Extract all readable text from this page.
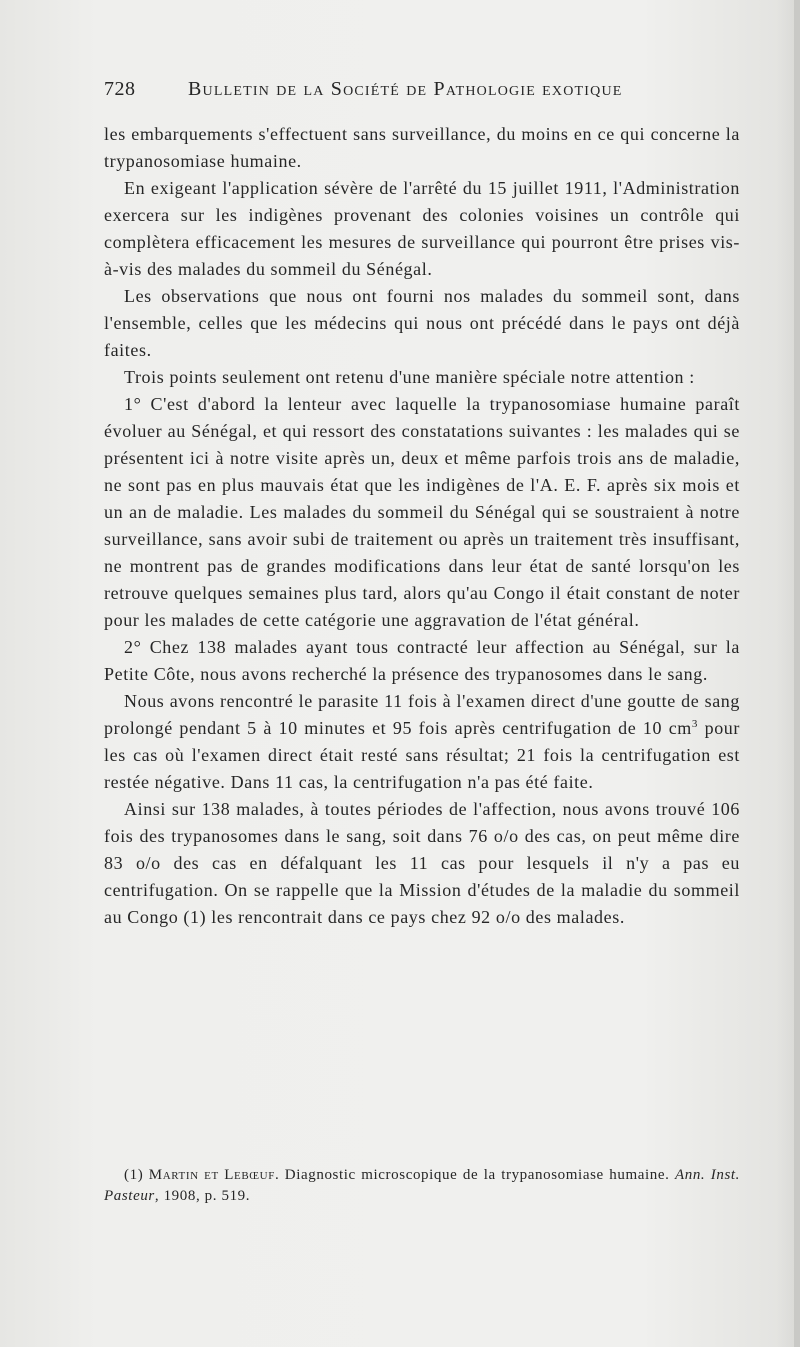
728	Bulletin de la Société de Pathologie exotique

les embarquements s'effectuent sans surveillance, du moins en ce qui concerne la trypanosomiase humaine.

En exigeant l'application sévère de l'arrêté du 15 juillet 1911, l'Administration exercera sur les indigènes provenant des colonies voisines un contrôle qui complètera efficacement les mesures de surveillance qui pourront être prises vis-à-vis des malades du sommeil du Sénégal.

Les observations que nous ont fourni nos malades du sommeil sont, dans l'ensemble, celles que les médecins qui nous ont précédé dans le pays ont déjà faites.

Trois points seulement ont retenu d'une manière spéciale notre attention :

1° C'est d'abord la lenteur avec laquelle la trypanosomiase humaine paraît évoluer au Sénégal, et qui ressort des constatations suivantes : les malades qui se présentent ici à notre visite après un, deux et même parfois trois ans de maladie, ne sont pas en plus mauvais état que les indigènes de l'A. E. F. après six mois et un an de maladie. Les malades du sommeil du Sénégal qui se soustraient à notre surveillance, sans avoir subi de traitement ou après un traitement très insuffisant, ne montrent pas de grandes modifications dans leur état de santé lorsqu'on les retrouve quelques semaines plus tard, alors qu'au Congo il était constant de noter pour les malades de cette catégorie une aggravation de l'état général.

2° Chez 138 malades ayant tous contracté leur affection au Sénégal, sur la Petite Côte, nous avons recherché la présence des trypanosomes dans le sang.

Nous avons rencontré le parasite 11 fois à l'examen direct d'une goutte de sang prolongé pendant 5 à 10 minutes et 95 fois après centrifugation de 10 $cm^3$ pour les cas où l'examen direct était resté sans résultat; 21 fois la centrifugation est restée négative. Dans 11 cas, la centrifugation n'a pas été faite.

Ainsi sur 138 malades, à toutes périodes de l'affection, nous avons trouvé 106 fois des trypanosomes dans le sang, soit dans 76 o/o des cas, on peut même dire 83 o/o des cas en défalquant les 11 cas pour lesquels il n'y a pas eu centrifugation. On se rappelle que la Mission d'études de la maladie du sommeil au Congo (1) les rencontrait dans ce pays chez 92 o/o des malades.

(1) Martin et Lebœuf. Diagnostic microscopique de la trypanosomiase humaine. Ann. Inst. Pasteur, 1908, p. 519.
